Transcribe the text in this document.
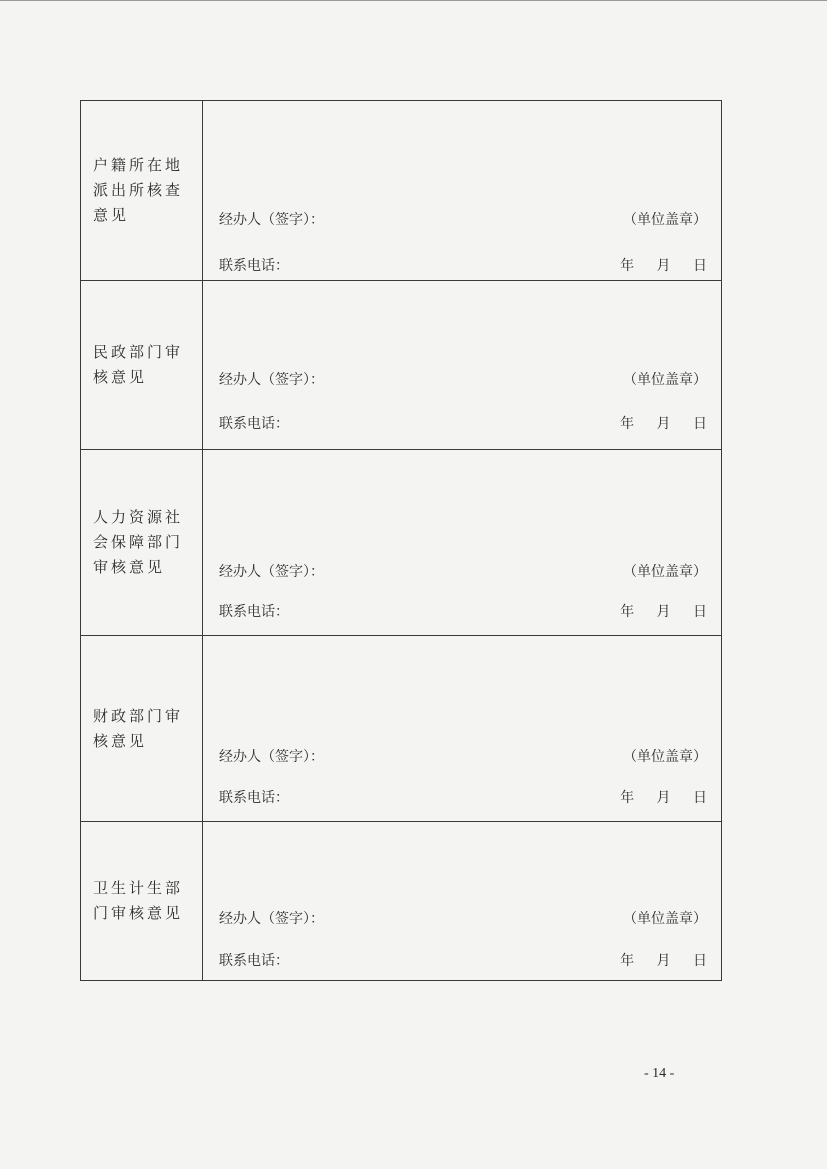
户籍所在地派出所核查意见	经办人（签字）： （单位盖章）
联系电话： 年 月 日

民政部门审核意见	经办人（签字）： （单位盖章）
联系电话： 年 月 日

人力资源社会保障部门审核意见	经办人（签字）： （单位盖章）
联系电话： 年 月 日

财政部门审核意见	经办人（签字）： （单位盖章）
联系电话： 年 月 日

卫生计生部门审核意见	经办人（签字）： （单位盖章）
联系电话： 年 月 日
- 14 -
